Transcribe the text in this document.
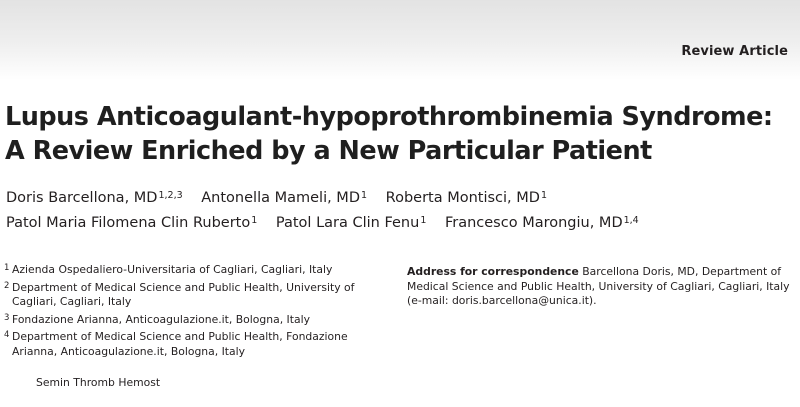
Review Article
Lupus Anticoagulant-hypoprothrombinemia Syndrome:
A Review Enriched by a New Particular Patient
Doris Barcellona, MD$^{1,2,3}$ Antonella Mameli, $MD^1$ Roberta Montisci, $MD^1$
Patol Maria Filomena Clin Ruberto$^1$ Patol Lara Clin Fenu$^1$ Francesco Marongiu, MD$^{1,4}$
1 Azienda Ospedaliero-Universitaria of Cagliari, Cagliari, Italy
2 Department of Medical Science and Public Health, University of Cagliari, Cagliari, Italy
3 Fondazione Arianna, Anticoagulazione.it, Bologna, Italy
4 Department of Medical Science and Public Health, Fondazione Arianna, Anticoagulazione.it, Bologna, Italy
Address for correspondence Barcellona Doris, MD, Department of Medical Science and Public Health, University of Cagliari, Cagliari, Italy (e-mail: doris.barcellona@unica.it).
Semin Thromb Hemost
